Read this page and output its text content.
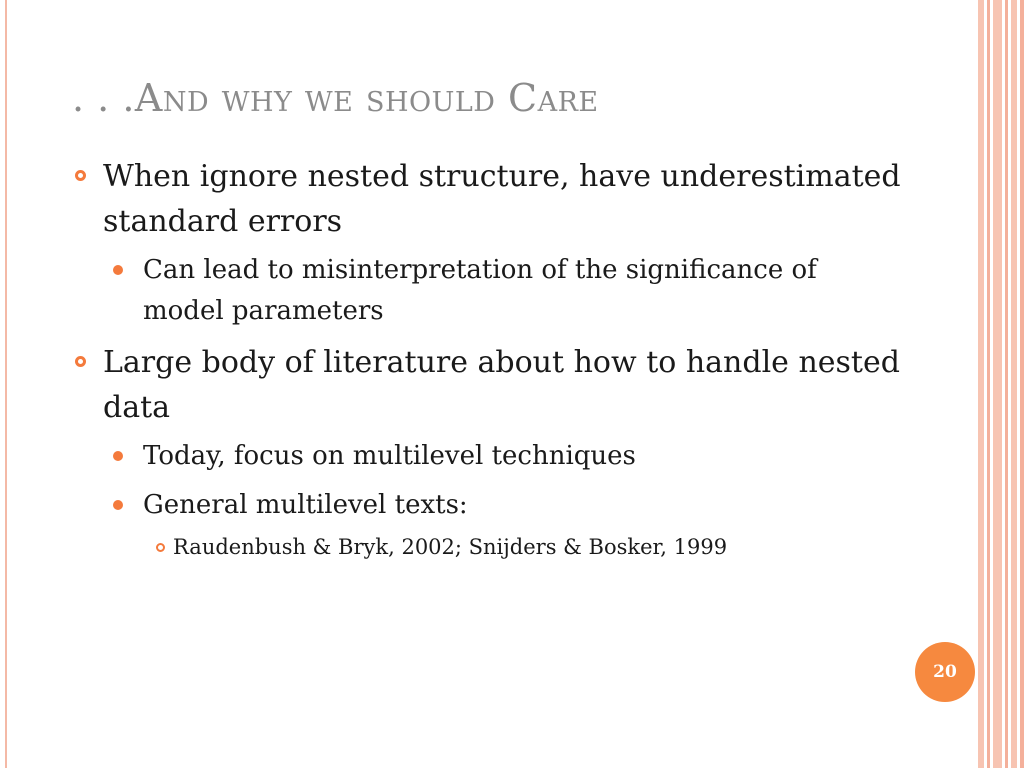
. . .And why we should Care
When ignore nested structure, have underestimated standard errors
Can lead to misinterpretation of the significance of model parameters
Large body of literature about how to handle nested data
Today, focus on multilevel techniques
General multilevel texts:
Raudenbush & Bryk, 2002; Snijders & Bosker, 1999
20
